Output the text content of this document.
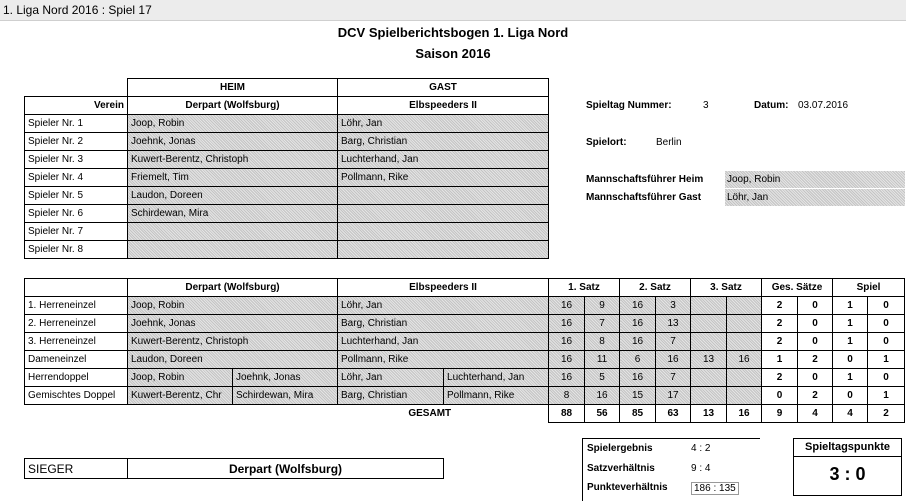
1. Liga Nord 2016 : Spiel 17
DCV Spielberichtsbogen 1. Liga Nord
Saison 2016
	HEIM	GAST
Verein	Derpart (Wolfsburg)	Elbspeeders II
Spieler Nr. 1	Joop, Robin	Löhr, Jan
Spieler Nr. 2	Joehnk, Jonas	Barg, Christian
Spieler Nr. 3	Kuwert-Berentz, Christoph	Luchterhand, Jan
Spieler Nr. 4	Friemelt, Tim	Pollmann, Rike
Spieler Nr. 5	Laudon, Doreen	
Spieler Nr. 6	Schirdewan, Mira	
Spieler Nr. 7		
Spieler Nr. 8		
Spieltag Nummer:	3	Datum: 03.07.2016
Spielort:	Berlin
Mannschaftsführer Heim Joop, Robin
Mannschaftsführer Gast	Löhr, Jan
	Derpart (Wolfsburg)		Elbspeeders II		1. Satz		2. Satz		3. Satz		Ges. Sätze		Spiel	
1. Herreneinzel	Joop, Robin		Löhr, Jan		16	9	16	3			2	0	1	0
2. Herreneinzel	Joehnk, Jonas		Barg, Christian		16	7	16	13			2	0	1	0
3. Herreneinzel	Kuwert-Berentz, Christoph		Luchterhand, Jan		16	8	16	7			2	0	1	0
Dameneinzel	Laudon, Doreen		Pollmann, Rike		16	11	6	16	13	16	1	2	0	1
Herrendoppel	Joop, Robin	Joehnk, Jonas	Löhr, Jan	Luchterhand, Jan	16	5	16	7			2	0	1	0
Gemischtes Doppel	Kuwert-Berentz, Chr	Schirdewan, Mira	Barg, Christian	Pollmann, Rike	8	16	15	17			0	2	0	1
GESAMT					88	56	85	63	13	16	9	4	4	2
SIEGER	Derpart (Wolfsburg)
Spielergebnis	4 : 2
Satzverhältnis	9 : 4
Punkteverhältnis	186 : 135
Spieltagspunkte
3 : 0
